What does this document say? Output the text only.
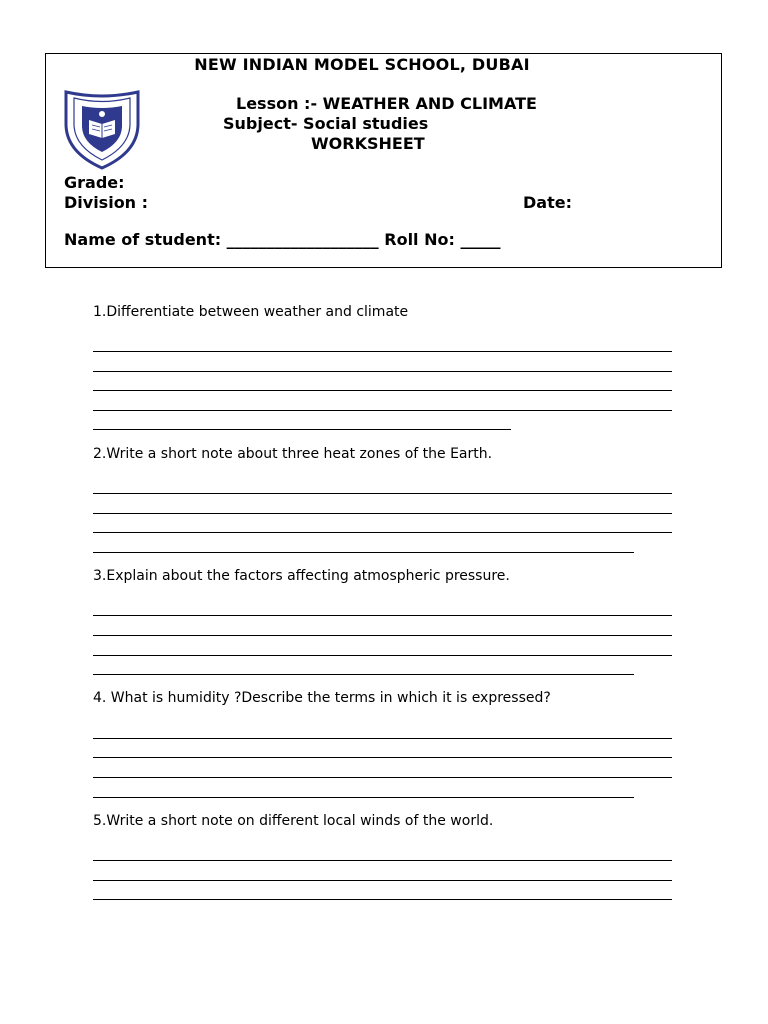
NEW INDIAN MODEL SCHOOL, DUBAI
Lesson :- WEATHER AND CLIMATE
Subject- Social studies
WORKSHEET
Grade:
Division :	Date:
Name of student: ___________________ Roll No: _____
1.Differentiate between weather and climate
2.Write a short note about three heat zones of the Earth.
3.Explain about the factors affecting atmospheric pressure.
4. What is humidity ?Describe the terms in which it is expressed?
5.Write a short note on different local winds of the world.
